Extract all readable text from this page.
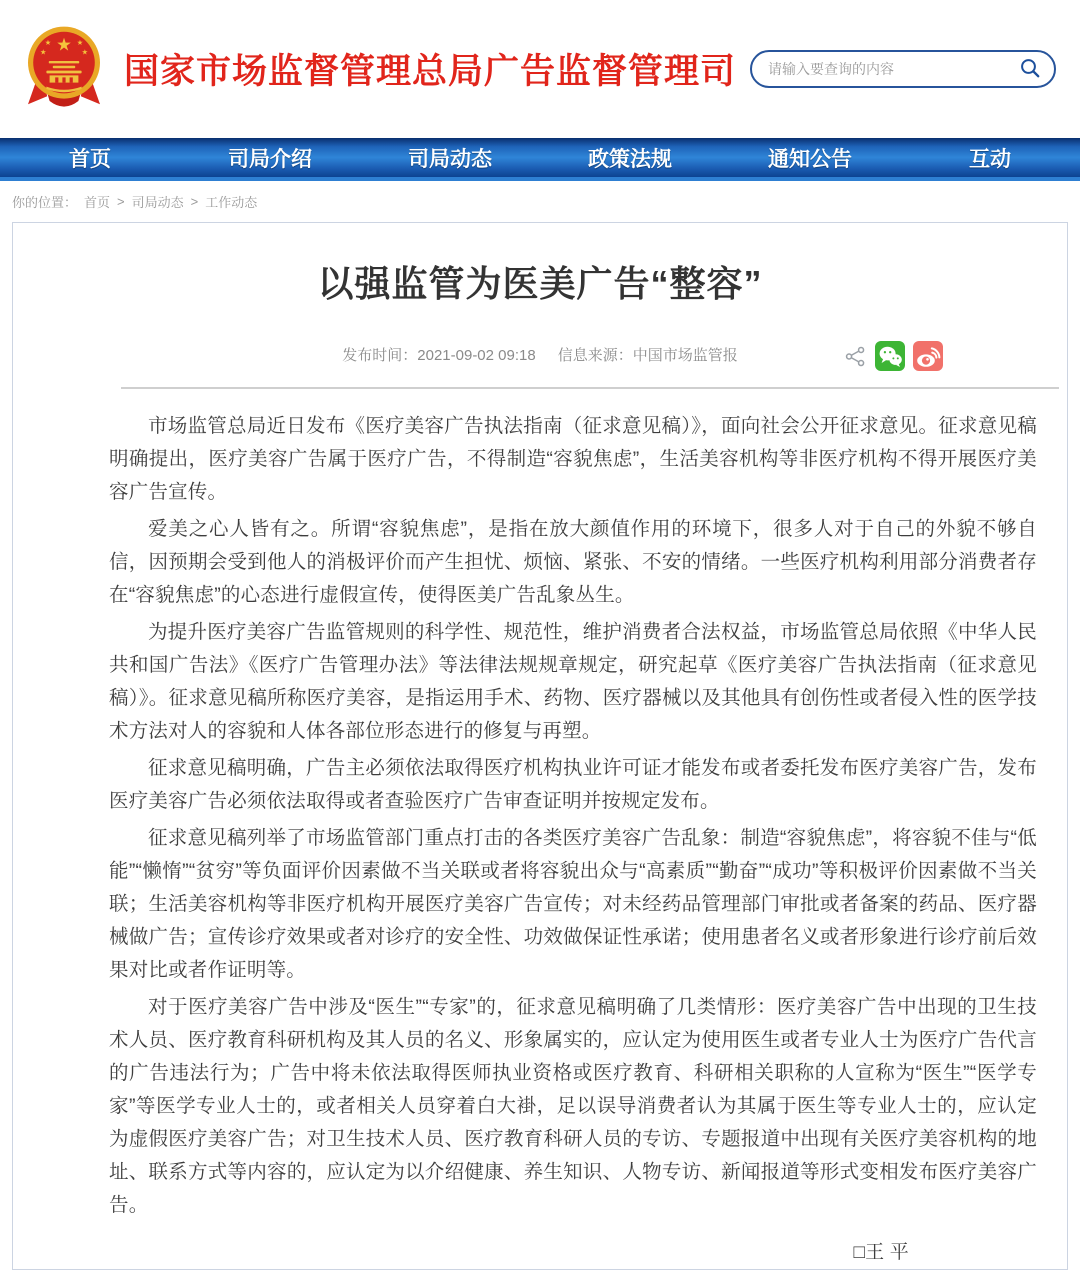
★
★	★
★	★ 国家市场监督管理总局广告监督管理司
请输入要查询的内容
首页	司局介绍	司局动态	政策法规	通知公告	互动
你的位置： 首页 > 司局动态 > 工作动态
以强监管为医美广告“整容”
发布时间：2021-09-02 09:18 信息来源：中国市场监管报

市场监管总局近日发布《医疗美容广告执法指南（征求意见稿）》，面向社会公开征求意见。征求意见稿明确提出，医疗美容广告属于医疗广告，不得制造“容貌焦虑”，生活美容机构等非医疗机构不得开展医疗美容广告宣传。

爱美之心人皆有之。所谓“容貌焦虑”，是指在放大颜值作用的环境下，很多人对于自己的外貌不够自信，因预期会受到他人的消极评价而产生担忧、烦恼、紧张、不安的情绪。一些医疗机构利用部分消费者存在“容貌焦虑”的心态进行虚假宣传，使得医美广告乱象丛生。

为提升医疗美容广告监管规则的科学性、规范性，维护消费者合法权益，市场监管总局依照《中华人民共和国广告法》《医疗广告管理办法》等法律法规规章规定，研究起草《医疗美容广告执法指南（征求意见稿）》。征求意见稿所称医疗美容，是指运用手术、药物、医疗器械以及其他具有创伤性或者侵入性的医学技术方法对人的容貌和人体各部位形态进行的修复与再塑。

征求意见稿明确，广告主必须依法取得医疗机构执业许可证才能发布或者委托发布医疗美容广告，发布医疗美容广告必须依法取得或者查验医疗广告审查证明并按规定发布。

征求意见稿列举了市场监管部门重点打击的各类医疗美容广告乱象：制造“容貌焦虑”，将容貌不佳与“低能”“懒惰”“贫穷”等负面评价因素做不当关联或者将容貌出众与“高素质”“勤奋”“成功”等积极评价因素做不当关联；生活美容机构等非医疗机构开展医疗美容广告宣传；对未经药品管理部门审批或者备案的药品、医疗器械做广告；宣传诊疗效果或者对诊疗的安全性、功效做保证性承诺；使用患者名义或者形象进行诊疗前后效果对比或者作证明等。

对于医疗美容广告中涉及“医生”“专家”的，征求意见稿明确了几类情形：医疗美容广告中出现的卫生技术人员、医疗教育科研机构及其人员的名义、形象属实的，应认定为使用医生或者专业人士为医疗广告代言的广告违法行为；广告中将未依法取得医师执业资格或医疗教育、科研相关职称的人宣称为“医生”“医学专家”等医学专业人士的，或者相关人员穿着白大褂，足以误导消费者认为其属于医生等专业人士的，应认定为虚假医疗美容广告；对卫生技术人员、医疗教育科研人员的专访、专题报道中出现有关医疗美容机构的地址、联系方式等内容的，应认定为以介绍健康、养生知识、人物专访、新闻报道等形式变相发布医疗美容广告。

□王 平
